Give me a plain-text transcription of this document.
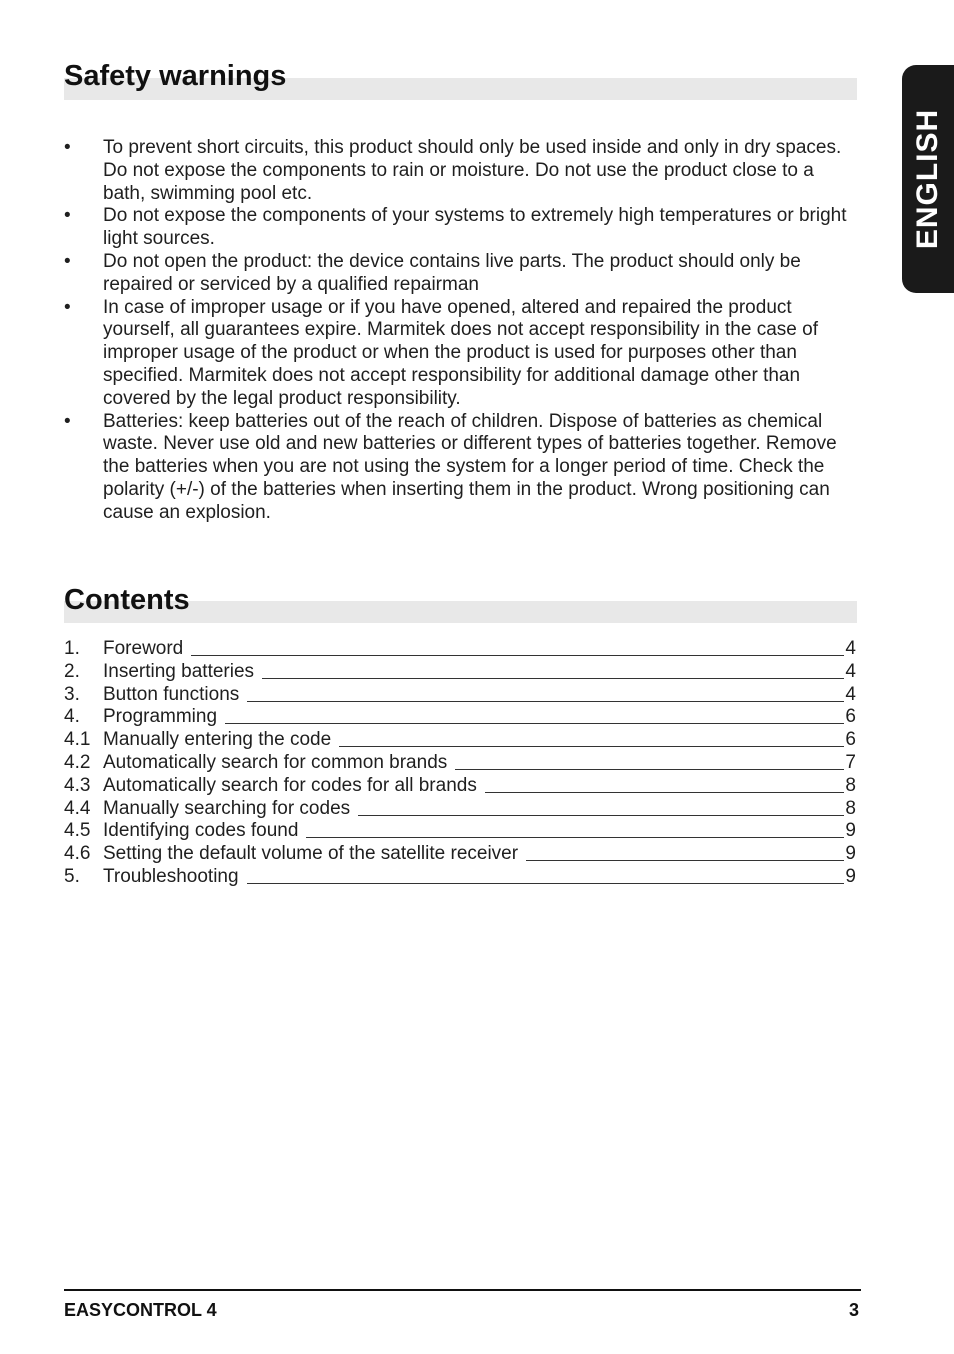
Safety warnings
•	To prevent short circuits, this product should only be used inside and only in dry spaces. Do not expose the components to rain or moisture. Do not use the product close to a bath, swimming pool etc.
•	Do not expose the components of your systems to extremely high temperatures or bright light sources.
•	Do not open the product: the device contains live parts. The product should only be repaired or serviced by a qualified repairman
•	In case of improper usage or if you have opened, altered and repaired the product yourself, all guarantees expire. Marmitek does not accept responsibility in the case of improper usage of the product or when the product is used for purposes other than specified. Marmitek does not accept responsibility for additional damage other than covered by the legal product responsibility.
•	Batteries: keep batteries out of the reach of children. Dispose of batteries as chemical waste. Never use old and new batteries or different types of batteries together. Remove the batteries when you are not using the system for a longer period of time. Check the polarity (+/-) of the batteries when inserting them in the product. Wrong positioning can cause an explosion.
Contents
1.	Foreword	4
2.	Inserting batteries	4
3.	Button functions	4
4.	Programming	6
4.1 Manually entering the code	6
4.2 Automatically search for common brands	7
4.3 Automatically search for codes for all brands	8
4.4 Manually searching for codes	8
4.5 Identifying codes found	9
4.6 Setting the default volume of the satellite receiver	9
5.	Troubleshooting	9
ENGLISH
EASYCONTROL 4	3
